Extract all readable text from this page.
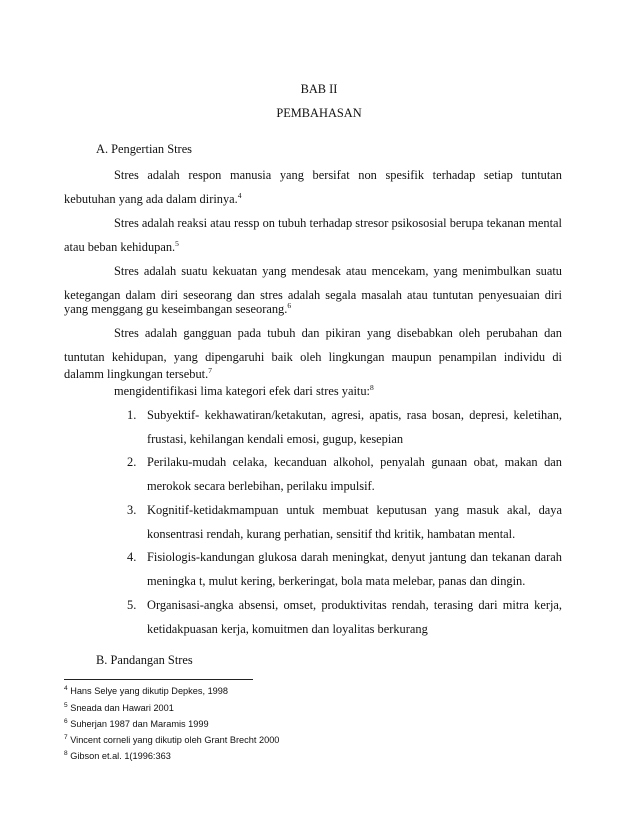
BAB II
PEMBAHASAN
A. Pengertian Stres
Stres adalah respon manusia yang bersifat non spesifik terhadap setiap tuntutan
kebutuhan yang ada dalam dirinya.$^4$
Stres adalah reaksi atau ressp on tubuh terhadap stresor psikososial berupa tekanan mental
atau beban kehidupan.$^5$
Stres adalah suatu kekuatan yang mendesak atau mencekam, yang menimbulkan suatu
ketegangan dalam diri seseorang dan stres adalah segala masalah atau tuntutan penyesuaian diri
yang menggang gu keseimbangan seseorang.$^6$
Stres adalah gangguan pada tubuh dan pikiran yang disebabkan oleh perubahan dan
tuntutan kehidupan, yang dipengaruhi baik oleh lingkungan maupun penampilan individu di
dalamm lingkungan tersebut.$^7$
mengidentifikasi lima kategori efek dari stres yaitu:$^8$
1. Subyektif- kekhawatiran/ketakutan, agresi, apatis, rasa bosan, depresi, keletihan,
frustasi, kehilangan kendali emosi, gugup, kesepian
2. Perilaku-mudah celaka, kecanduan alkohol, penyalah gunaan obat, makan dan
merokok secara berlebihan, perilaku impulsif.
3. Kognitif-ketidakmampuan untuk membuat keputusan yang masuk akal, daya
konsentrasi rendah, kurang perhatian, sensitif thd kritik, hambatan mental.
4. Fisiologis-kandungan glukosa darah meningkat, denyut jantung dan tekanan darah
meningka t, mulut kering, berkeringat, bola mata melebar, panas dan dingin.
5. Organisasi-angka absensi, omset, produktivitas rendah, terasing dari mitra kerja,
ketidakpuasan kerja, komuitmen dan loyalitas berkurang
B. Pandangan Stres
$^4$ Hans Selye yang dikutip Depkes, 1998
$^5$ Sneada dan Hawari 2001
$^6$ Suherjan 1987 dan Maramis 1999
$^7$ Vincent corneli yang dikutip oleh Grant Brecht 2000
$^8$ Gibson et.al. 1(1996:363
